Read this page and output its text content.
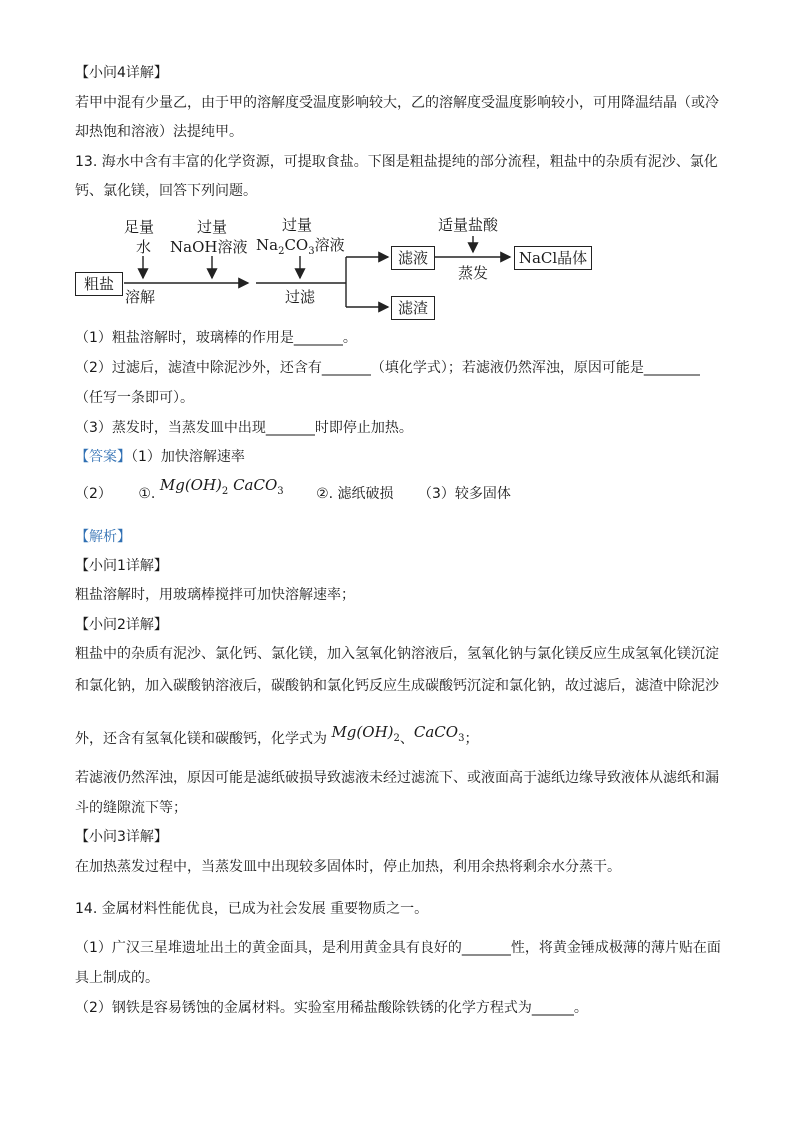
【小问4详解】
若甲中混有少量乙，由于甲的溶解度受温度影响较大，乙的溶解度受温度影响较小，可用降温结晶（或冷
却热饱和溶液）法提纯甲。
13. 海水中含有丰富的化学资源，可提取食盐。下图是粗盐提纯的部分流程，粗盐中的杂质有泥沙、氯化
钙、氯化镁，回答下列问题。
粗盐
溶解
足量
水
过量
NaOH溶液
过量
$Na_2CO_3$溶液
过滤
滤液
滤渣
适量盐酸
蒸发
NaCl晶体
（1）粗盐溶解时，玻璃棒的作用是_______。
（2）过滤后，滤渣中除泥沙外，还含有_______（填化学式）；若滤液仍然浑浊，原因可能是________
（任写一条即可）。
（3）蒸发时，当蒸发皿中出现_______时即停止加热。
【答案】（1）加快溶解速率
（2） ①. $Mg(OH)_2$ CaCO$_3$ ②. 滤纸破损 （3）较多固体
【解析】
【小问1详解】
粗盐溶解时，用玻璃棒搅拌可加快溶解速率；
【小问2详解】
粗盐中的杂质有泥沙、氯化钙、氯化镁，加入氢氧化钠溶液后，氢氧化钠与氯化镁反应生成氢氧化镁沉淀
和氯化钠，加入碳酸钠溶液后，碳酸钠和氯化钙反应生成碳酸钙沉淀和氯化钠，故过滤后，滤渣中除泥沙
外，还含有氢氧化镁和碳酸钙，化学式为 $Mg(OH)_2$、CaCO$_3$；
若滤液仍然浑浊，原因可能是滤纸破损导致滤液未经过滤流下、或液面高于滤纸边缘导致液体从滤纸和漏
斗的缝隙流下等；
【小问3详解】
在加热蒸发过程中，当蒸发皿中出现较多固体时，停止加热，利用余热将剩余水分蒸干。
14. 金属材料性能优良，已成为社会发展 重要物质之一。
（1）广汉三星堆遗址出土的黄金面具，是利用黄金具有良好的_______性，将黄金锤成极薄的薄片贴在面
具上制成的。
（2）钢铁是容易锈蚀的金属材料。实验室用稀盐酸除铁锈的化学方程式为______。
